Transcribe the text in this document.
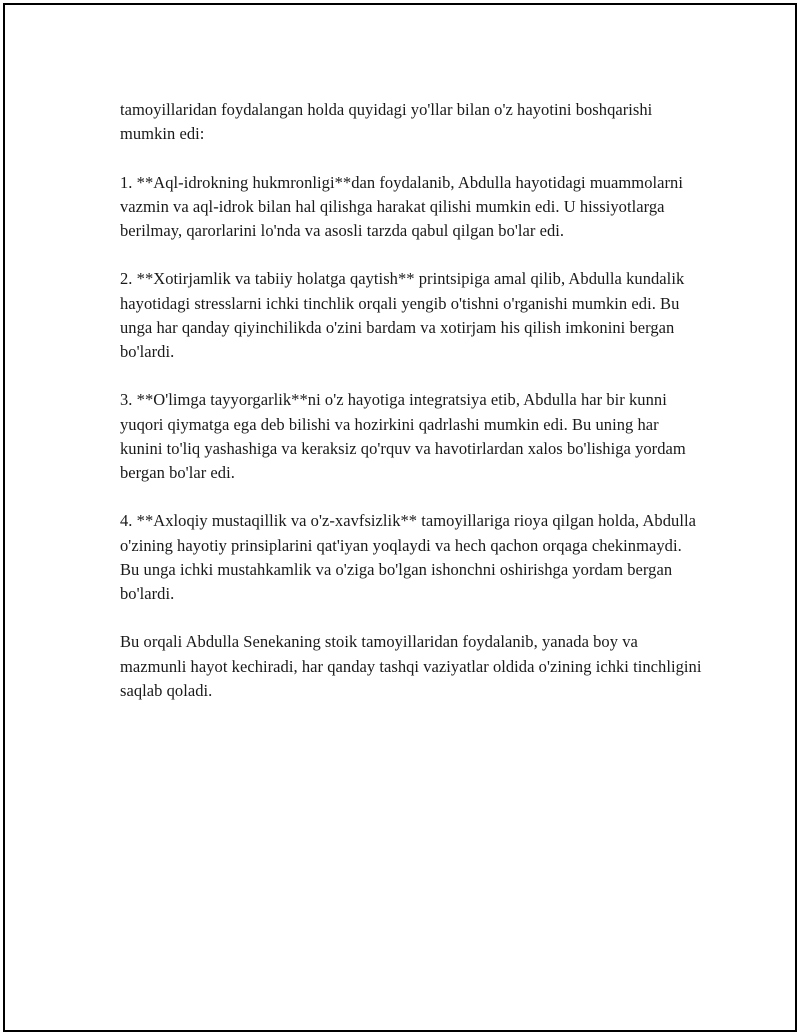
tamoyillaridan foydalangan holda quyidagi yo'llar bilan o'z hayotini boshqarishi mumkin edi:

1. **Aql-idrokning hukmronligi**dan foydalanib, Abdulla hayotidagi muammolarni vazmin va aql-idrok bilan hal qilishga harakat qilishi mumkin edi. U hissiyotlarga berilmay, qarorlarini lo'nda va asosli tarzda qabul qilgan bo'lar edi.

2. **Xotirjamlik va tabiiy holatga qaytish** printsipiga amal qilib, Abdulla kundalik hayotidagi stresslarni ichki tinchlik orqali yengib o'tishni o'rganishi mumkin edi. Bu unga har qanday qiyinchilikda o'zini bardam va xotirjam his qilish imkonini bergan bo'lardi.

3. **O'limga tayyorgarlik**ni o'z hayotiga integratsiya etib, Abdulla har bir kunni yuqori qiymatga ega deb bilishi va hozirkini qadrlashi mumkin edi. Bu uning har kunini to'liq yashashiga va keraksiz qo'rquv va havotirlardan xalos bo'lishiga yordam bergan bo'lar edi.

4. **Axloqiy mustaqillik va o'z-xavfsizlik** tamoyillariga rioya qilgan holda, Abdulla o'zining hayotiy prinsiplarini qat'iyan yoqlaydi va hech qachon orqaga chekinmaydi. Bu unga ichki mustahkamlik va o'ziga bo'lgan ishonchni oshirishga yordam bergan bo'lardi.

Bu orqali Abdulla Senekaning stoik tamoyillaridan foydalanib, yanada boy va mazmunli hayot kechiradi, har qanday tashqi vaziyatlar oldida o'zining ichki tinchligini saqlab qoladi.
